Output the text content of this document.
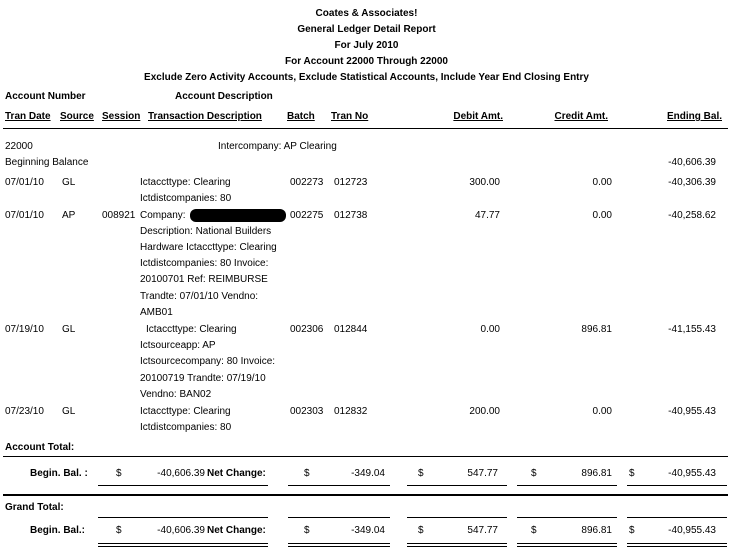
Coates & Associates!
General Ledger Detail Report
For July 2010
For Account 22000 Through 22000
Exclude Zero Activity Accounts, Exclude Statistical Accounts, Include Year End Closing Entry
Account Number	Account Description
Tran Date Source Session Transaction Description	Batch Tran No	Debit Amt.	Credit Amt.	Ending Bal.
22000	Intercompany: AP Clearing
Beginning Balance	-40,606.39
07/01/10 GL	Ictaccttype: Clearing
Ictdistcompanies: 80
002273 012723	300.00	0.00	-40,306.39
07/01/10 AP	008921 Company:
Description: National Builders
Hardware Ictaccttype: Clearing
Ictdistcompanies: 80 Invoice:
20100701 Ref: REIMBURSE
Trandte: 07/01/10 Vendno:
AMB01
002275 012738	47.77	0.00	-40,258.62
07/19/10 GL	Ictaccttype: Clearing
Ictsourceapp: AP
Ictsourcecompany: 80 Invoice:
20100719 Trandte: 07/19/10
Vendno: BAN02
002306 012844	0.00	896.81	-41,155.43
07/23/10 GL	Ictaccttype: Clearing
Ictdistcompanies: 80
002303 012832	200.00	0.00	-40,955.43
Account Total:
Begin. Bal. :	$	-40,606.39 Net Change:	$	-349.04	$	547.77	$	896.81 $	-40,955.43
Grand Total:
Begin. Bal.:	$	-40,606.39 Net Change:	$	-349.04	$	547.77	$	896.81 $	-40,955.43
